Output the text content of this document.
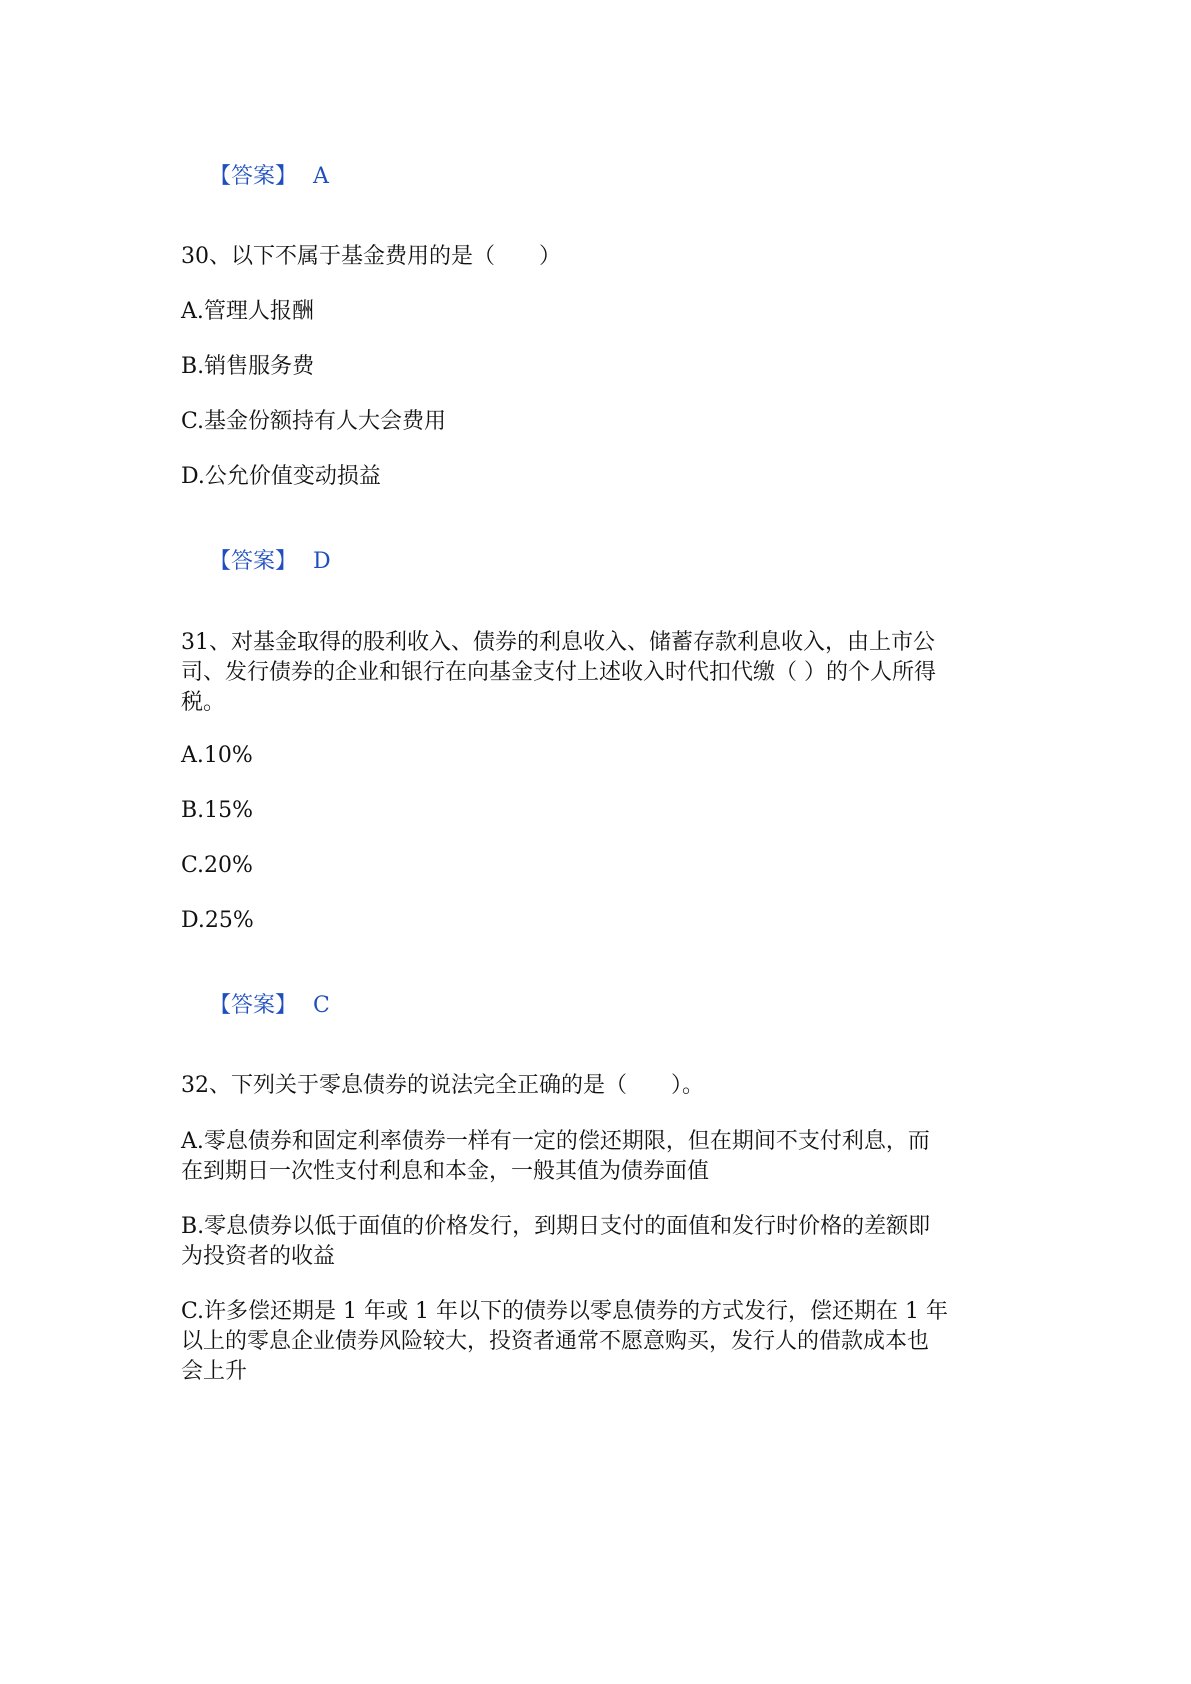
【答案】 A

30、以下不属于基金费用的是（　　）
A.管理人报酬
B.销售服务费
C.基金份额持有人大会费用
D.公允价值变动损益

【答案】 D

31、对基金取得的股利收入、债券的利息收入、储蓄存款利息收入，由上市公
司、发行债券的企业和银行在向基金支付上述收入时代扣代缴（ ）的个人所得
税。
A.10%
B.15%
C.20%
D.25%

【答案】 C

32、下列关于零息债券的说法完全正确的是（　　）。
A.零息债券和固定利率债券一样有一定的偿还期限，但在期间不支付利息，而
在到期日一次性支付利息和本金，一般其值为债券面值
B.零息债券以低于面值的价格发行，到期日支付的面值和发行时价格的差额即
为投资者的收益
C.许多偿还期是 1 年或 1 年以下的债券以零息债券的方式发行，偿还期在 1 年
以上的零息企业债券风险较大，投资者通常不愿意购买，发行人的借款成本也
会上升
